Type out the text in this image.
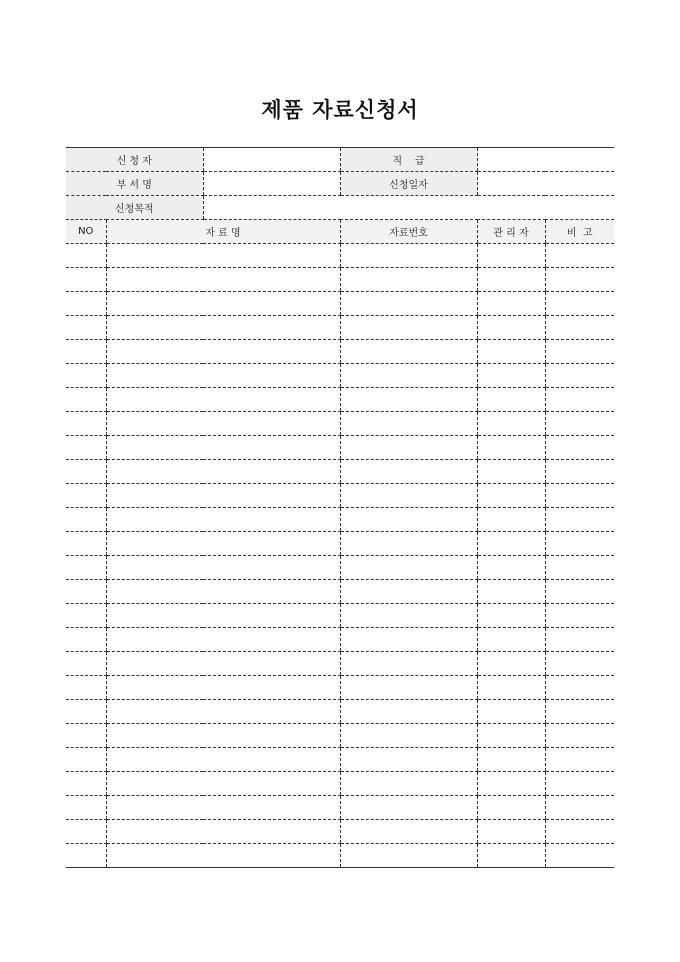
제품 자료신청서
신 청 자			직    급		
부 서 명			신청일자		
신청목적					
NO	자 료 명		자료번호	관 리 자	비  고
